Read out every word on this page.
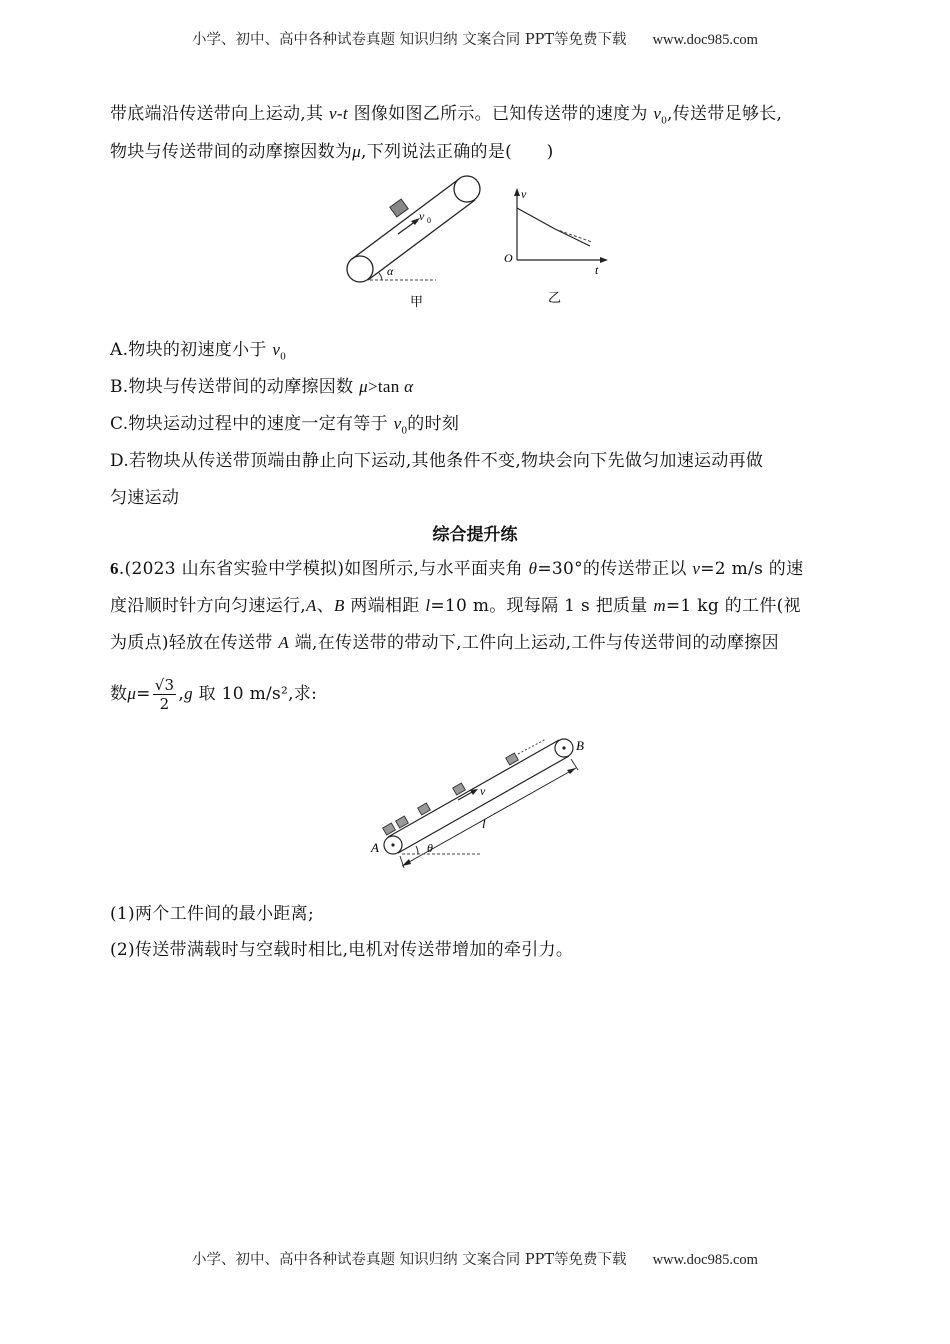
小学、初中、高中各种试卷真题 知识归纳 文案合同 PPT等免费下载 www.doc985.com
带底端沿传送带向上运动,其 v-t 图像如图乙所示。已知传送带的速度为 $v_0$,传送带足够长,
物块与传送带间的动摩擦因数为μ,下列说法正确的是(　　)
v 0
α
甲
v
O
t
乙
A.物块的初速度小于 $v_0$
B.物块与传送带间的动摩擦因数 μ>tan α
C.物块运动过程中的速度一定有等于 $v_0$的时刻
D.若物块从传送带顶端由静止向下运动,其他条件不变,物块会向下先做匀加速运动再做
匀速运动
综合提升练
6.(2023 山东省实验中学模拟)如图所示,与水平面夹角 θ=30°的传送带正以 v=2 m/s 的速
度沿顺时针方向匀速运行,A、B 两端相距 l=10 m。现每隔 1 s 把质量 m=1 kg 的工件(视
为质点)轻放在传送带 A 端,在传送带的带动下,工件向上运动,工件与传送带间的动摩擦因
数$\mu= \frac{√3}{2} ,g$ 取 10 m/s²,求:
v
l
θ
A
B
(1)两个工件间的最小距离;
(2)传送带满载时与空载时相比,电机对传送带增加的牵引力。
小学、初中、高中各种试卷真题 知识归纳 文案合同 PPT等免费下载 www.doc985.com
